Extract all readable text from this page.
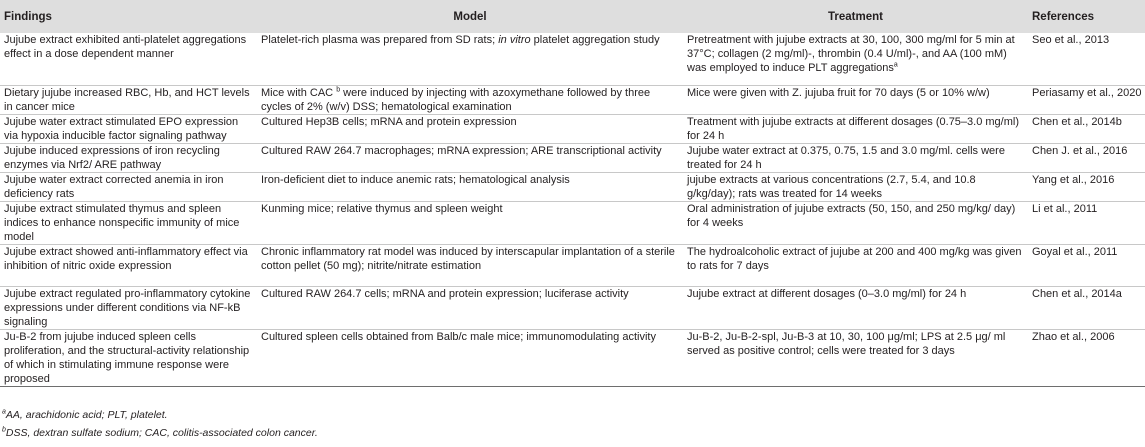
Findings	Model	Treatment	References
Jujube extract exhibited anti-platelet aggregations effect in a dose dependent manner	Platelet-rich plasma was prepared from SD rats; in vitro platelet aggregation study	Pretreatment with jujube extracts at 30, 100, 300 mg/ml for 5 min at 37°C; collagen (2 mg/ml)-, thrombin (0.4 U/ml)-, and AA (100 mM) was employed to induce PLT aggregations$^a$	Seo et al., 2013
Dietary jujube increased RBC, Hb, and HCT levels in cancer mice	Mice with CAC $^b$ were induced by injecting with azoxymethane followed by three cycles of 2% (w/v) DSS; hematological examination	Mice were given with Z. jujuba fruit for 70 days (5 or 10% w/w)	Periasamy et al., 2020
Jujube water extract stimulated EPO expression via hypoxia inducible factor signaling pathway	Cultured Hep3B cells; mRNA and protein expression	Treatment with jujube extracts at different dosages (0.75–3.0 mg/ml) for 24 h	Chen et al., 2014b
Jujube induced expressions of iron recycling enzymes via Nrf2/ ARE pathway	Cultured RAW 264.7 macrophages; mRNA expression; ARE transcriptional activity	Jujube water extract at 0.375, 0.75, 1.5 and 3.0 mg/ml. cells were treated for 24 h	Chen J. et al., 2016
Jujube water extract corrected anemia in iron deficiency rats	Iron-deficient diet to induce anemic rats; hematological analysis	jujube extracts at various concentrations (2.7, 5.4, and 10.8 g/kg/day); rats was treated for 14 weeks	Yang et al., 2016
Jujube extract stimulated thymus and spleen indices to enhance nonspecific immunity of mice model	Kunming mice; relative thymus and spleen weight	Oral administration of jujube extracts (50, 150, and 250 mg/kg/ day) for 4 weeks	Li et al., 2011
Jujube extract showed anti-inflammatory effect via inhibition of nitric oxide expression	Chronic inflammatory rat model was induced by interscapular implantation of a sterile cotton pellet (50 mg); nitrite/nitrate estimation	The hydroalcoholic extract of jujube at 200 and 400 mg/kg was given to rats for 7 days	Goyal et al., 2011
Jujube extract regulated pro-inflammatory cytokine expressions under different conditions via NF-kB signaling	Cultured RAW 264.7 cells; mRNA and protein expression; luciferase activity	Jujube extract at different dosages (0–3.0 mg/ml) for 24 h	Chen et al., 2014a
Ju-B-2 from jujube induced spleen cells proliferation, and the structural-activity relationship of which in stimulating immune response were proposed	Cultured spleen cells obtained from Balb/c male mice; immunomodulating activity	Ju-B-2, Ju-B-2-spl, Ju-B-3 at 10, 30, 100 μg/ml; LPS at 2.5 μg/ ml served as positive control; cells were treated for 3 days	Zhao et al., 2006
$^a$AA, arachidonic acid; PLT, platelet.
$^b$DSS, dextran sulfate sodium; CAC, colitis-associated colon cancer.
